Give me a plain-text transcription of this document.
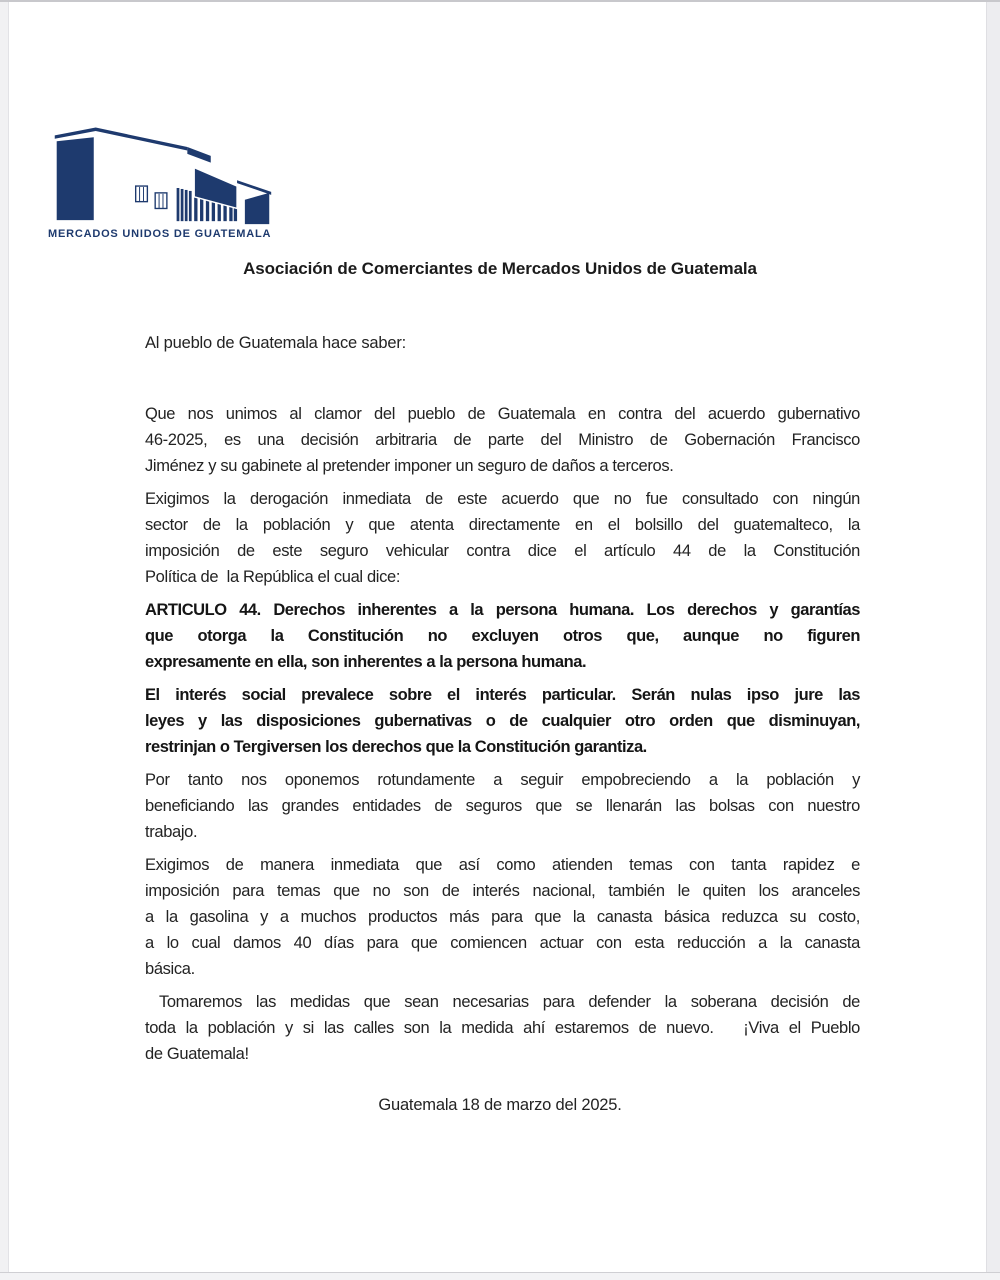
MERCADOS UNIDOS DE GUATEMALA
Asociación de Comerciantes de Mercados Unidos de Guatemala
Al pueblo de Guatemala hace saber:
Que nos unimos al clamor del pueblo de Guatemala en contra del acuerdo gubernativo
46-2025, es una decisión arbitraria de parte del Ministro de Gobernación Francisco
Jiménez y su gabinete al pretender imponer un seguro de daños a terceros.
Exigimos la derogación inmediata de este acuerdo que no fue consultado con ningún
sector de la población y que atenta directamente en el bolsillo del guatemalteco, la
imposición de este seguro vehicular contra dice el artículo 44 de la Constitución
Política de  la República el cual dice:
ARTICULO 44. Derechos inherentes a la persona humana. Los derechos y garantías
que otorga la Constitución no excluyen otros que, aunque no figuren
expresamente en ella, son inherentes a la persona humana.
El interés social prevalece sobre el interés particular. Serán nulas ipso jure las
leyes y las disposiciones gubernativas o de cualquier otro orden que disminuyan,
restrinjan o Tergiversen los derechos que la Constitución garantiza.
Por tanto nos oponemos rotundamente a seguir empobreciendo a la población y
beneficiando las grandes entidades de seguros que se llenarán las bolsas con nuestro
trabajo.
Exigimos de manera inmediata que así como atienden temas con tanta rapidez e
imposición para temas que no son de interés nacional, también le quiten los aranceles
a la gasolina y a muchos productos más para que la canasta básica reduzca su costo,
a lo cual damos 40 días para que comiencen actuar con esta reducción a la canasta
básica.
Tomaremos las medidas que sean necesarias para defender la soberana decisión de
toda la población y si las calles son la medida ahí estaremos de nuevo.   ¡Viva el Pueblo
de Guatemala!
Guatemala 18 de marzo del 2025.
